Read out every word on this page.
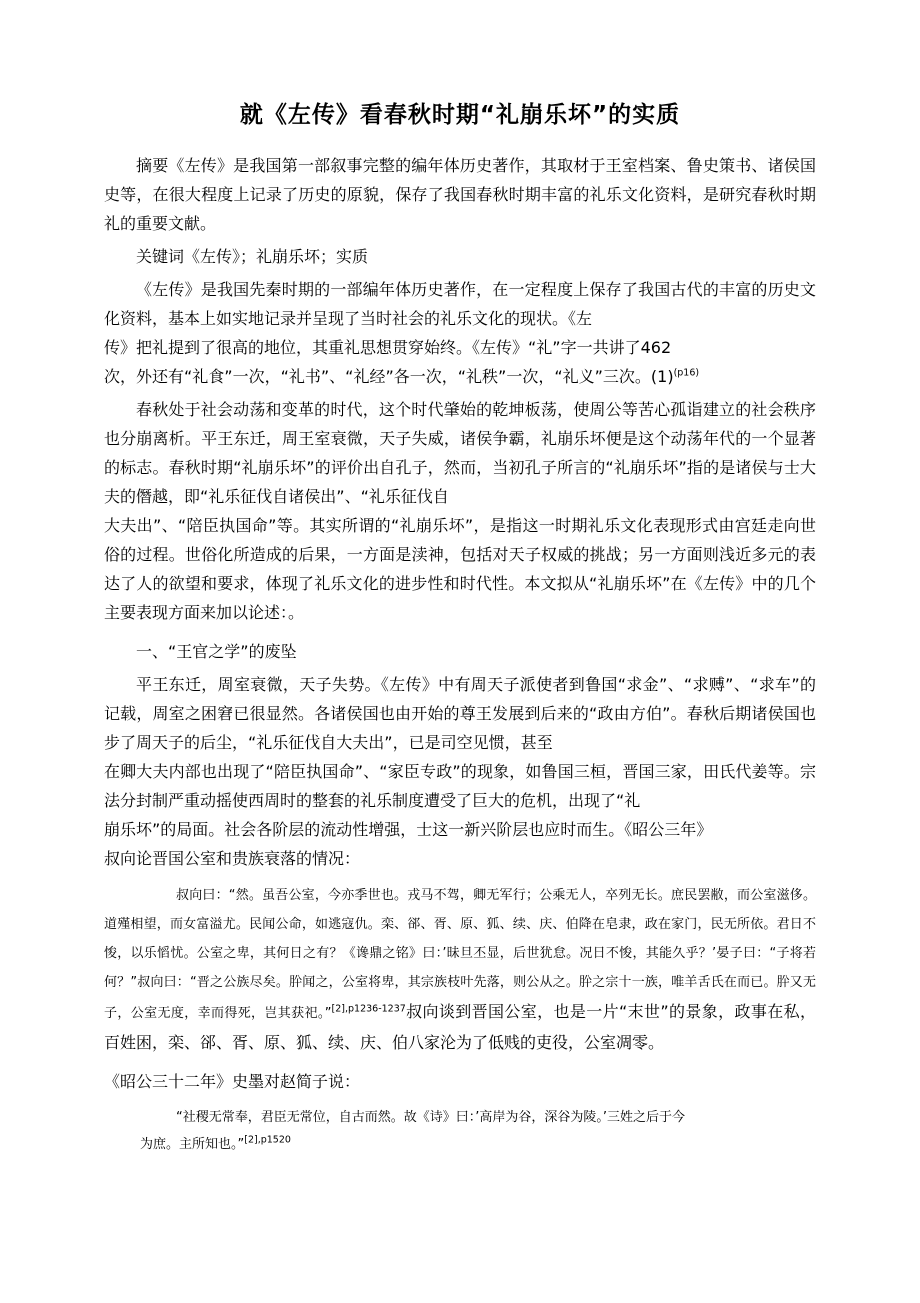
就《左传》看春秋时期“礼崩乐坏”的实质

摘要《左传》是我国第一部叙事完整的编年体历史著作，其取材于王室档案、鲁史策书、诸侯国史等，在很大程度上记录了历史的原貌，保存了我国春秋时期丰富的礼乐文化资料，是研究春秋时期礼的重要文献。

关键词《左传》；礼崩乐坏；实质

《左传》是我国先秦时期的一部编年体历史著作，在一定程度上保存了我国古代的丰富的历史文化资料，基本上如实地记录并呈现了当时社会的礼乐文化的现状。《左
传》把礼提到了很高的地位，其重礼思想贯穿始终。《左传》“礼”字一共讲了462
次，外还有“礼食”一次，“礼书”、“礼经”各一次，“礼秩”一次，“礼义”三次。$(1)^{(p16)}$

春秋处于社会动荡和变革的时代，这个时代肇始的乾坤板荡，使周公等苦心孤诣建立的社会秩序也分崩离析。平王东迁，周王室衰微，天子失威，诸侯争霸，礼崩乐坏便是这个动荡年代的一个显著的标志。春秋时期“礼崩乐坏”的评价出自孔子，然而，当初孔子所言的“礼崩乐坏”指的是诸侯与士大夫的僭越，即“礼乐征伐自诸侯出”、“礼乐征伐自
大夫出”、“陪臣执国命”等。其实所谓的“礼崩乐坏”，是指这一时期礼乐文化表现形式由宫廷走向世俗的过程。世俗化所造成的后果，一方面是渎神，包括对天子权威的挑战；另一方面则浅近多元的表达了人的欲望和要求，体现了礼乐文化的进步性和时代性。本文拟从“礼崩乐坏”在《左传》中的几个主要表现方面来加以论述：。

一、“王官之学”的废坠

平王东迁，周室衰微，天子失势。《左传》中有周天子派使者到鲁国“求金”、“求赙”、“求车”的记载，周室之困窘已很显然。各诸侯国也由开始的尊王发展到后来的“政由方伯”。春秋后期诸侯国也步了周天子的后尘，“礼乐征伐自大夫出”，已是司空见惯，甚至
在卿大夫内部也出现了“陪臣执国命”、“家臣专政”的现象，如鲁国三桓，晋国三家，田氏代姜等。宗法分封制严重动摇使西周时的整套的礼乐制度遭受了巨大的危机，出现了“礼
崩乐坏”的局面。社会各阶层的流动性增强，士这一新兴阶层也应时而生。《昭公三年》
叔向论晋国公室和贵族衰落的情况：

叔向曰：“然。虽吾公室，今亦季世也。戎马不驾，卿无军行；公乘无人，卒列无长。庶民罢敝，而公室滋侈。道殣相望，而女富溢尤。民闻公命，如逃寇仇。栾、郤、胥、原、狐、续、庆、伯降在皂隶，政在家门，民无所依。君日不悛，以乐慆忧。公室之卑，其何日之有？《谗鼎之铭》曰：’昧旦丕显，后世犹怠。况日不悛，其能久乎？’晏子曰：“子将若何？”叔向曰：“晋之公族尽矣。肸闻之，公室将卑，其宗族枝叶先落，则公从之。肸之宗十一族，唯羊舌氏在而已。肸又无子，公室无度，幸而得死，岂其获祀。”$^{[2],p1236-1237}$叔向谈到晋国公室，也是一片“末世”的景象，政事在私，百姓困，栾、郤、胥、原、狐、续、庆、伯八家沦为了低贱的吏役，公室凋零。

《昭公三十二年》史墨对赵简子说：

“社稷无常奉，君臣无常位，自古而然。故《诗》曰：’高岸为谷，深谷为陵。’三姓之后于今
为庶。主所知也。”$^{[2],p1520}$
